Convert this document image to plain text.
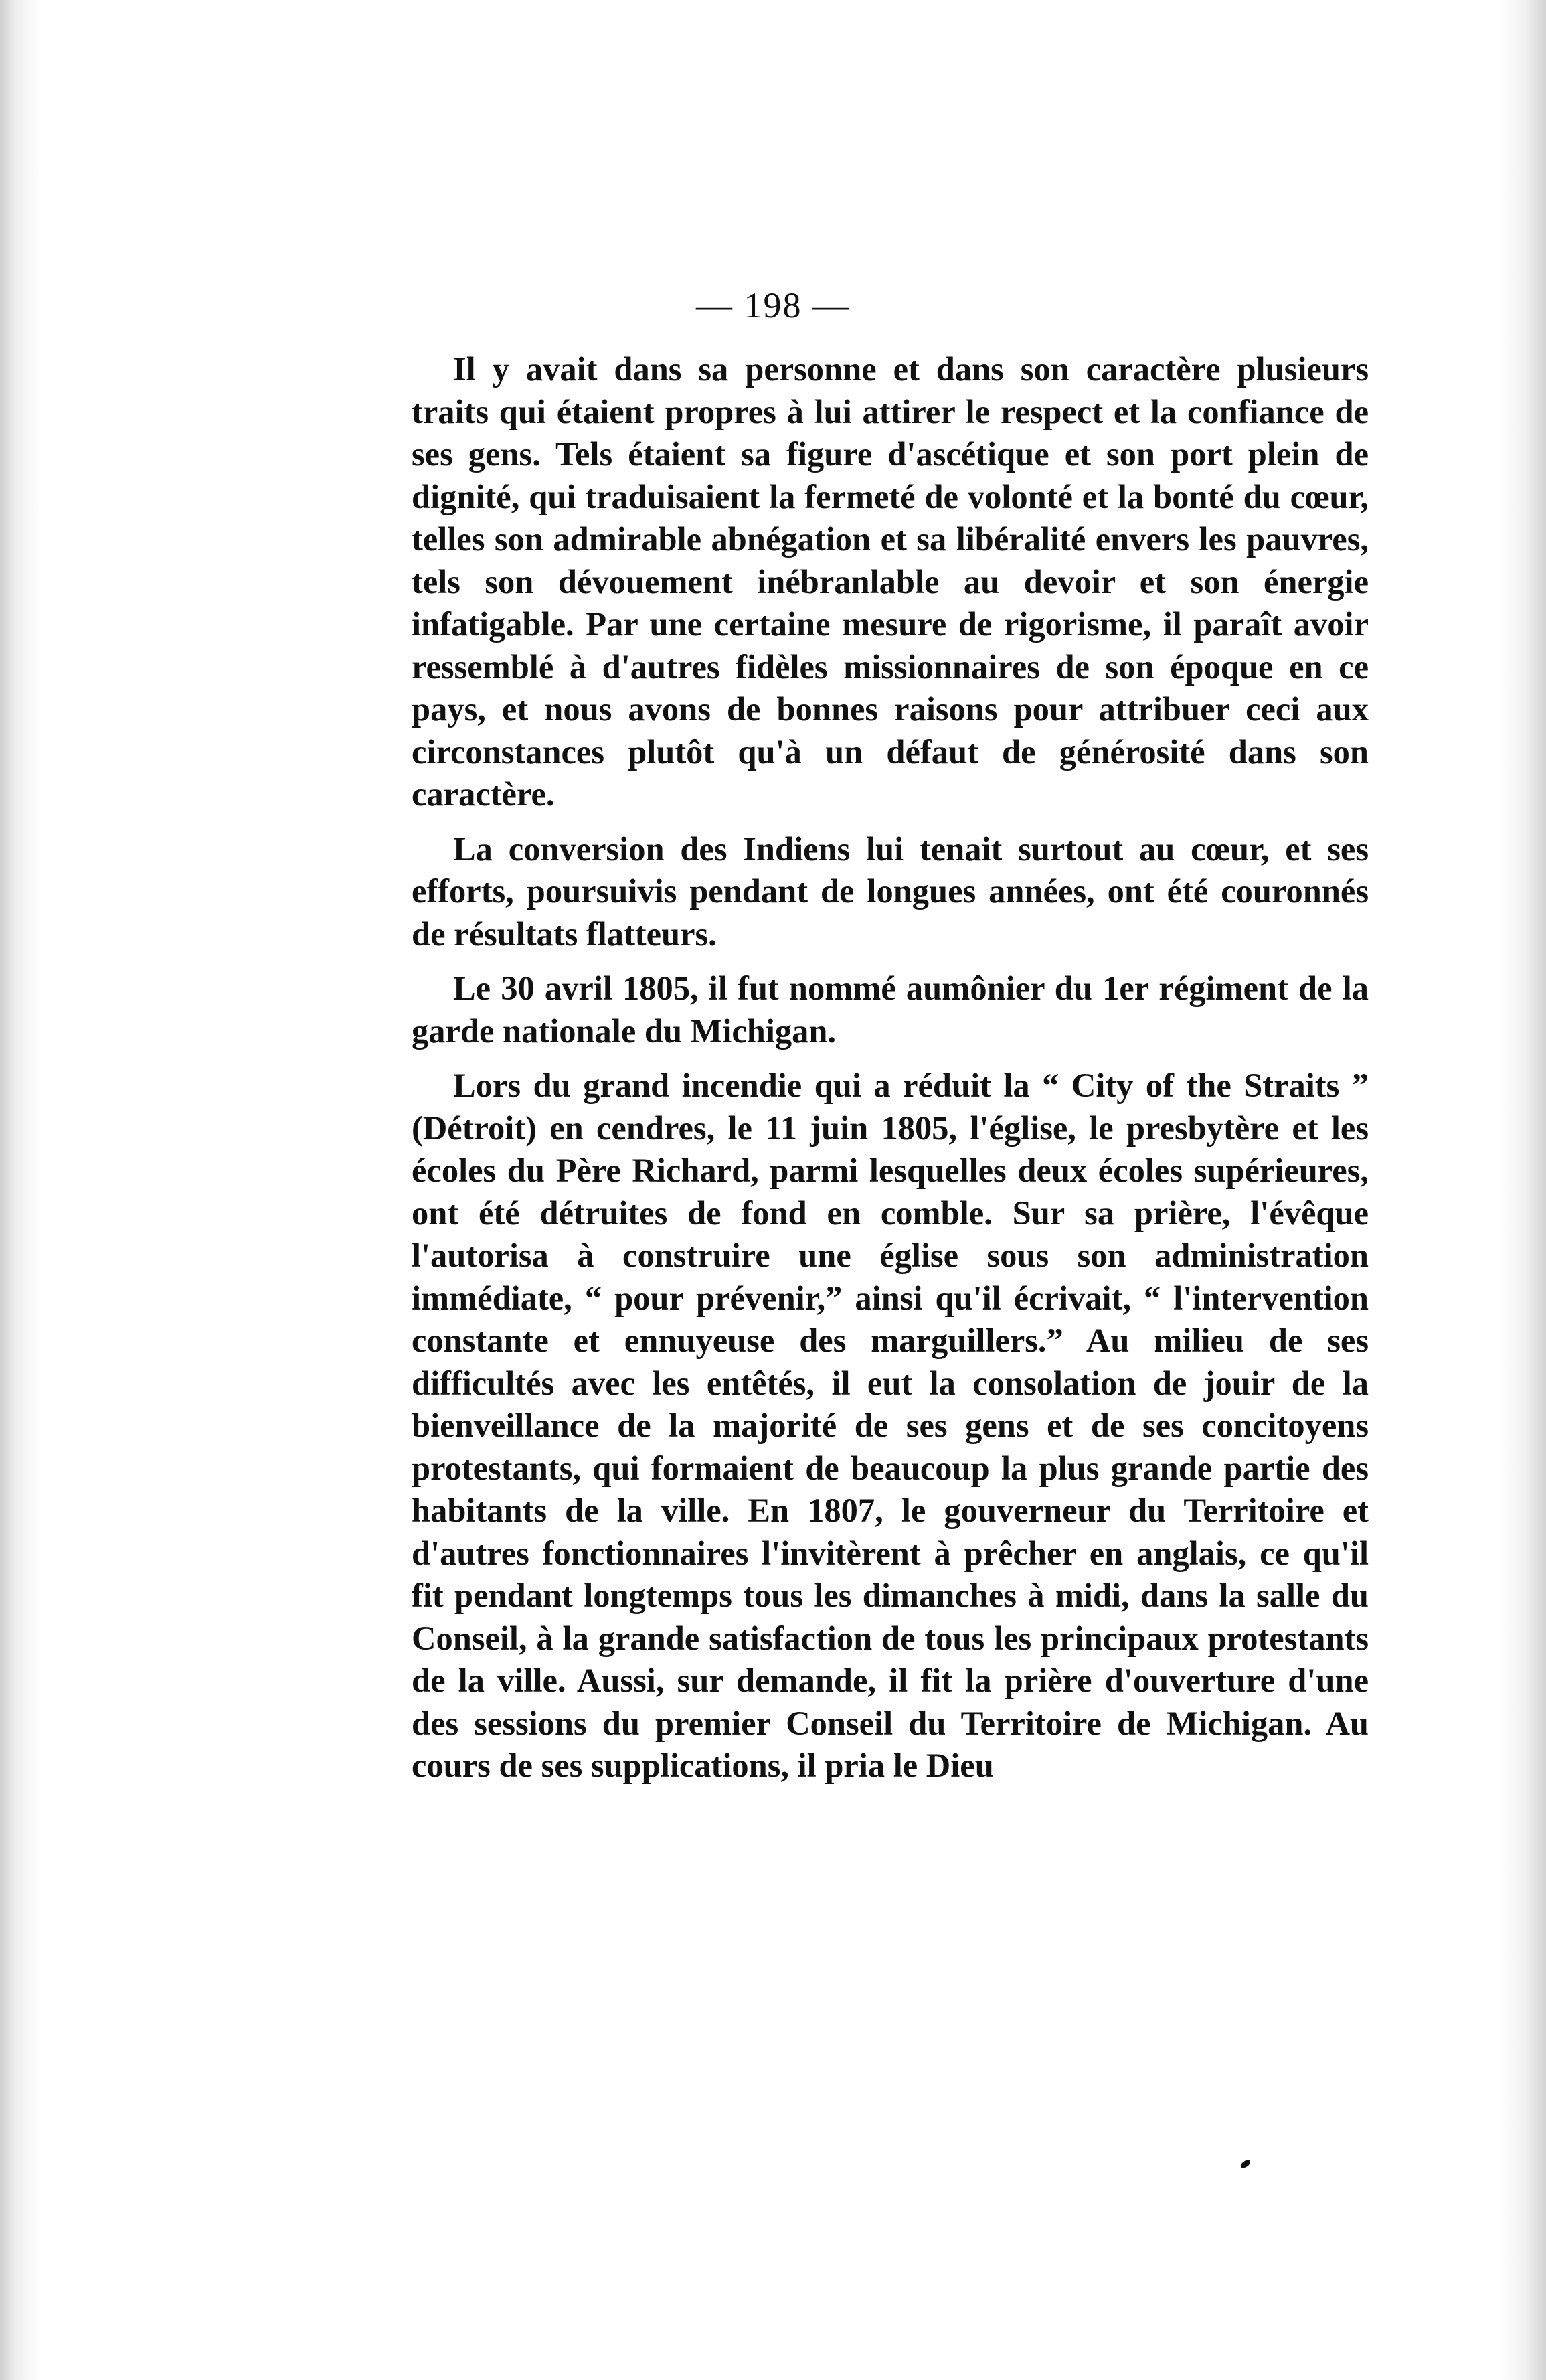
— 198 —

Il y avait dans sa personne et dans son caractère plusieurs traits qui étaient propres à lui attirer le respect et la confiance de ses gens. Tels étaient sa figure d'ascétique et son port plein de dignité, qui traduisaient la fermeté de volonté et la bonté du cœur, telles son admirable abnégation et sa libéralité envers les pauvres, tels son dévouement inébranlable au devoir et son énergie infatigable. Par une certaine mesure de rigorisme, il paraît avoir ressemblé à d'autres fidèles missionnaires de son époque en ce pays, et nous avons de bonnes raisons pour attribuer ceci aux circonstances plutôt qu'à un défaut de générosité dans son caractère.

La conversion des Indiens lui tenait surtout au cœur, et ses efforts, poursuivis pendant de longues années, ont été couronnés de résultats flatteurs.

Le 30 avril 1805, il fut nommé aumônier du 1er régiment de la garde nationale du Michigan.

Lors du grand incendie qui a réduit la “ City of the Straits ” (Détroit) en cendres, le 11 juin 1805, l'église, le presbytère et les écoles du Père Richard, parmi lesquelles deux écoles supérieures, ont été détruites de fond en comble. Sur sa prière, l'évêque l'autorisa à construire une église sous son administration immédiate, “ pour prévenir,” ainsi qu'il écrivait, “ l'intervention constante et ennuyeuse des marguillers.” Au milieu de ses difficultés avec les entêtés, il eut la consolation de jouir de la bienveillance de la majorité de ses gens et de ses concitoyens protestants, qui formaient de beaucoup la plus grande partie des habitants de la ville. En 1807, le gouverneur du Territoire et d'autres fonctionnaires l'invitèrent à prêcher en anglais, ce qu'il fit pendant longtemps tous les dimanches à midi, dans la salle du Conseil, à la grande satisfaction de tous les principaux protestants de la ville. Aussi, sur demande, il fit la prière d'ouverture d'une des sessions du premier Conseil du Territoire de Michigan. Au cours de ses supplications, il pria le Dieu
